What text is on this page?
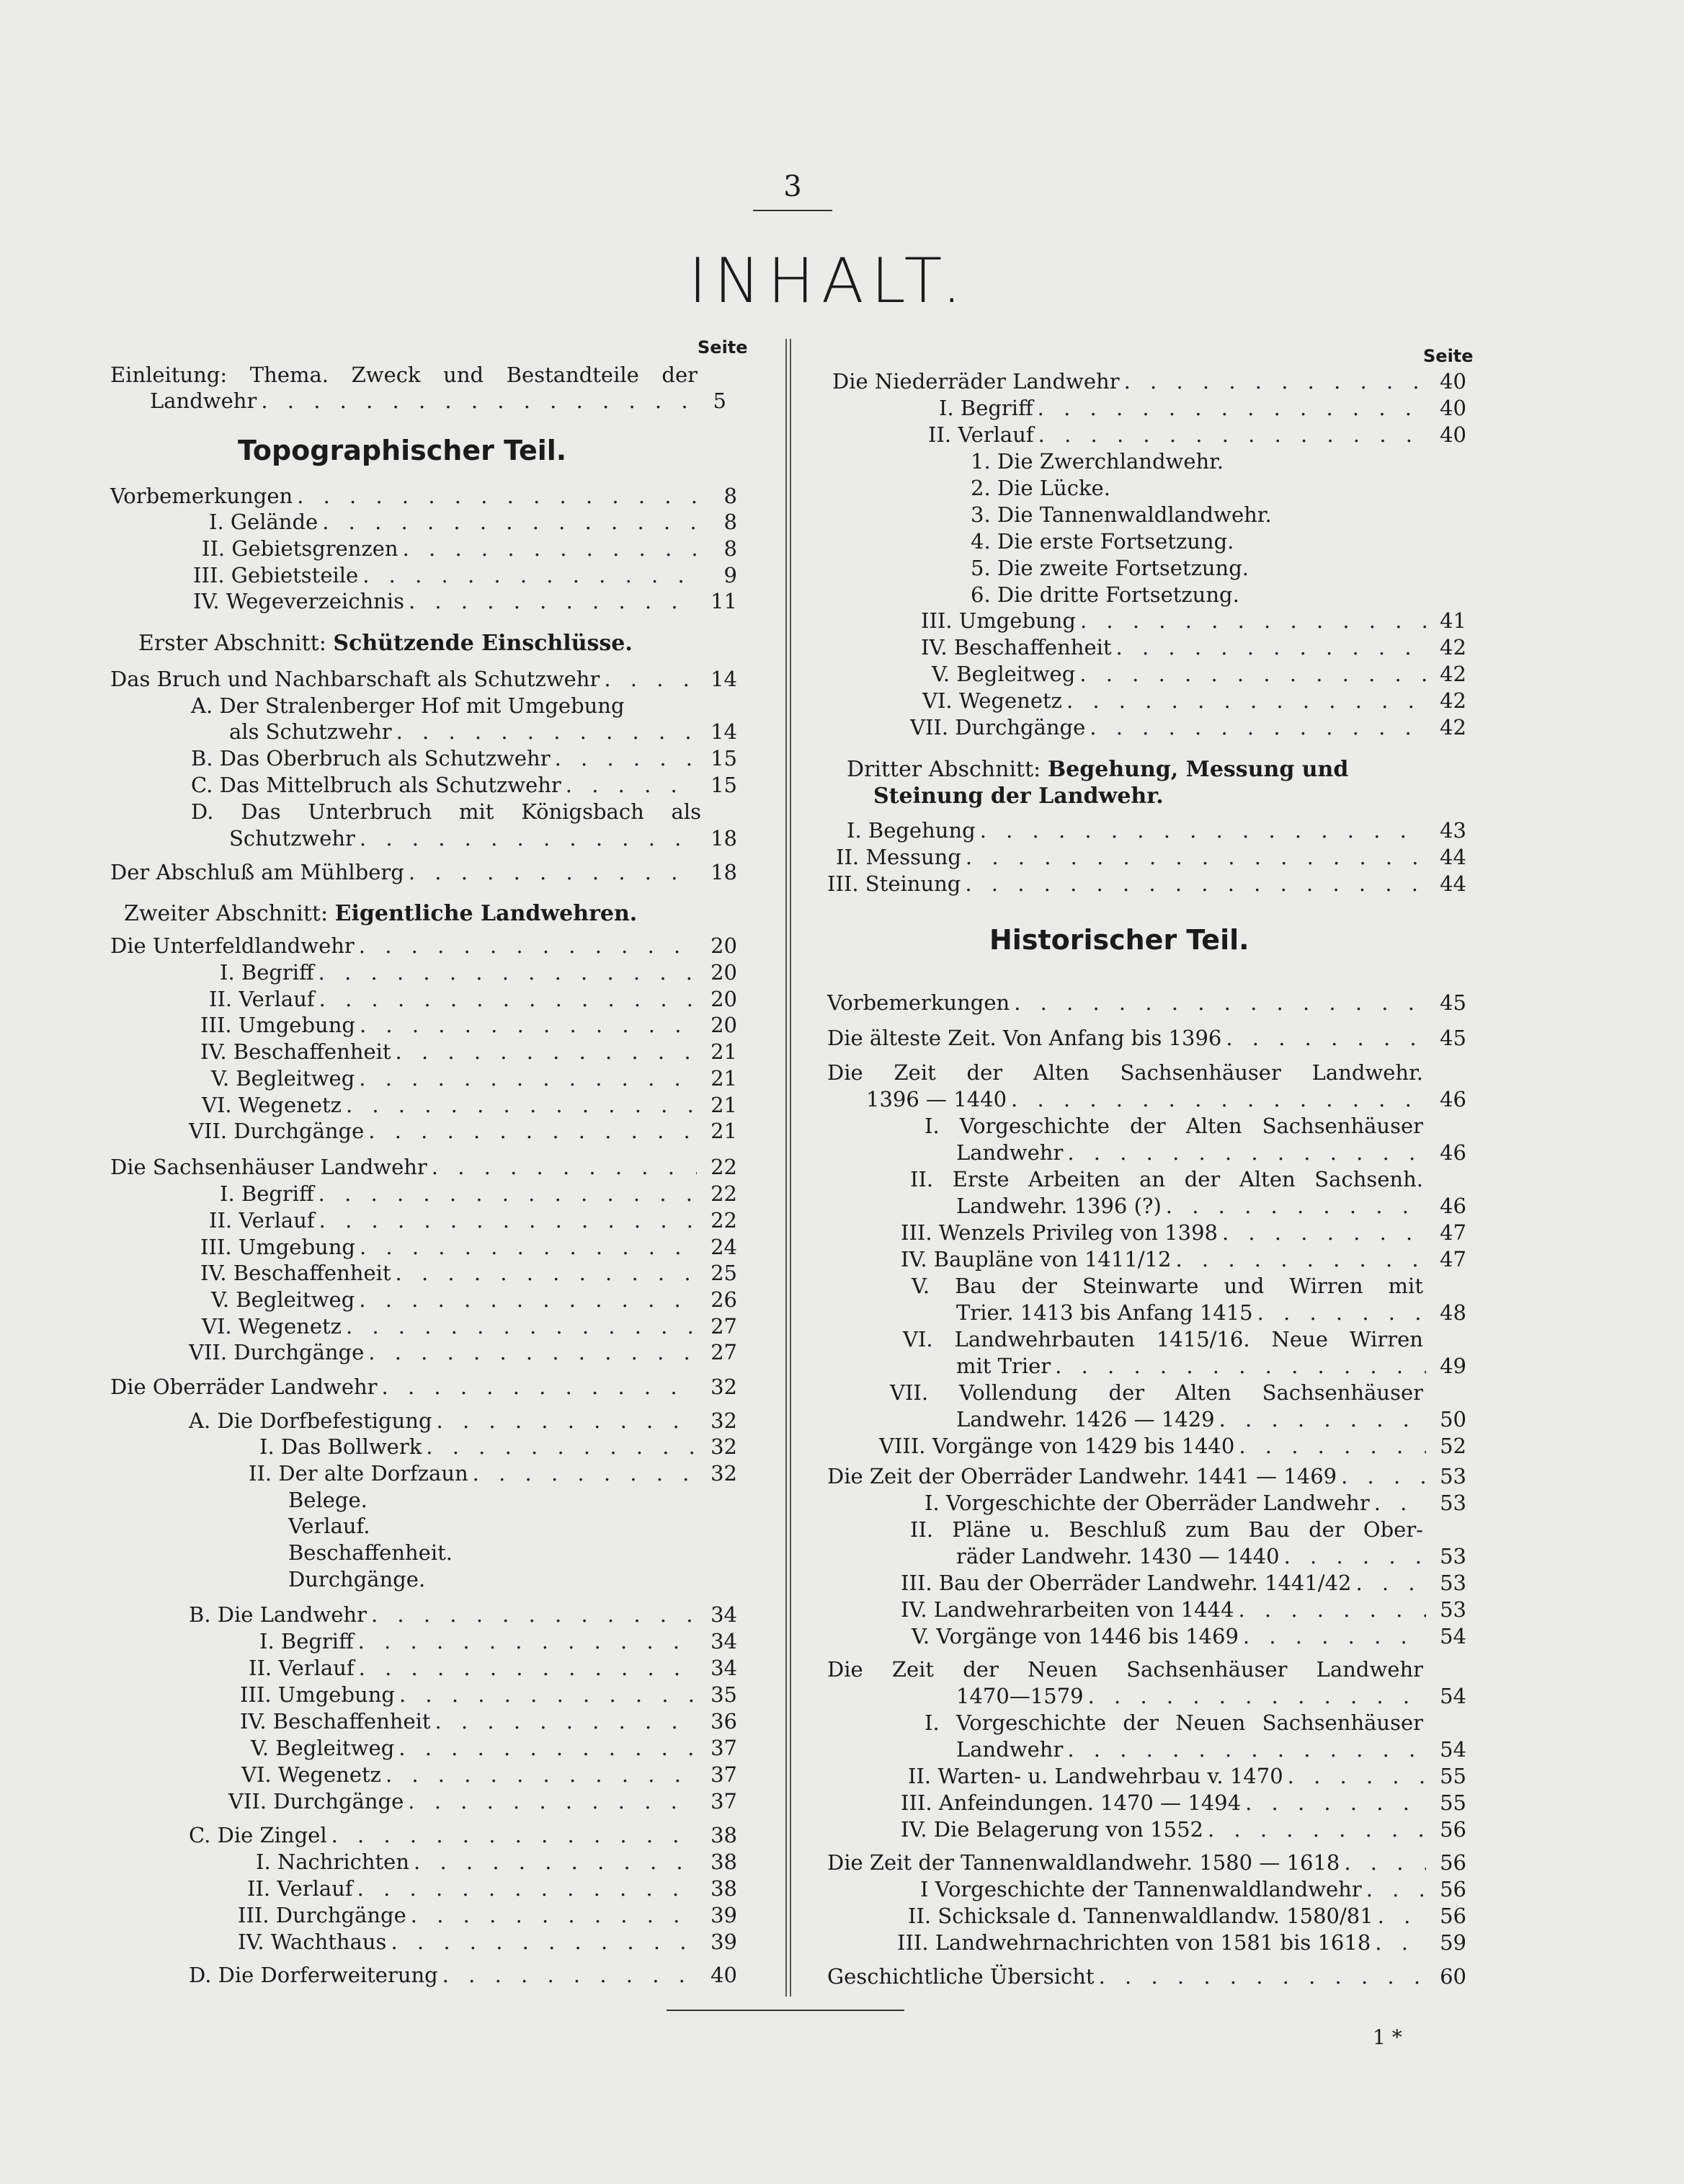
3
INHALT.
Seite
Einleitung: Thema. Zweck und Bestandteile der
Landwehr . . .	5
Topographischer Teil.
Vorbemerkungen . . .	8
I. Gelände . . .	8
II. Gebietsgrenzen . . .	8
III. Gebietsteile . . .	9
IV. Wegeverzeichnis . . .	11
Erster Abschnitt: Schützende Einschlüsse.
Das Bruch und Nachbarschaft als Schutzwehr . . .	14
A. Der Stralenberger Hof mit Umgebung
als Schutzwehr . . .	14
B. Das Oberbruch als Schutzwehr . . .	15
C. Das Mittelbruch als Schutzwehr . . .	15
D. Das Unterbruch mit Königsbach als
Schutzwehr . . .	18
Der Abschluß am Mühlberg . . .	18
Zweiter Abschnitt: Eigentliche Landwehren.
Die Unterfeldlandwehr . . .	20
I. Begriff . . .	20
II. Verlauf . . .	20
III. Umgebung . . .	20
IV. Beschaffenheit . . .	21
V. Begleitweg . . .	21
VI. Wegenetz . . .	21
VII. Durchgänge . . .	21
Die Sachsenhäuser Landwehr . . .	22
I. Begriff . . .	22
II. Verlauf . . .	22
III. Umgebung . . .	24
IV. Beschaffenheit . . .	25
V. Begleitweg . . .	26
VI. Wegenetz . . .	27
VII. Durchgänge . . .	27
Die Oberräder Landwehr . . .	32
A. Die Dorfbefestigung . . .	32
I. Das Bollwerk . . .	32
II. Der alte Dorfzaun . . .	32
Belege.
Verlauf.
Beschaffenheit.
Durchgänge.
B. Die Landwehr . . .	34
I. Begriff . . .	34
II. Verlauf . . .	34
III. Umgebung . . .	35
IV. Beschaffenheit . . .	36
V. Begleitweg . . .	37
VI. Wegenetz . . .	37
VII. Durchgänge . . .	37
C. Die Zingel . . .	38
I. Nachrichten . . .	38
II. Verlauf . . .	38
III. Durchgänge . . .	39
IV. Wachthaus . . .	39
D. Die Dorferweiterung . . .	40
Seite
Die Niederräder Landwehr . . .	40
I. Begriff . . .	40
II. Verlauf . . .	40
1. Die Zwerchlandwehr.
2. Die Lücke.
3. Die Tannenwaldlandwehr.
4. Die erste Fortsetzung.
5. Die zweite Fortsetzung.
6. Die dritte Fortsetzung.
III. Umgebung . . .	41
IV. Beschaffenheit . . .	42
V. Begleitweg . . .	42
VI. Wegenetz . . .	42
VII. Durchgänge . . .	42
Dritter Abschnitt: Begehung, Messung und
Steinung der Landwehr.
I. Begehung . . .	43
II. Messung . . .	44
III. Steinung . . .	44
Historischer Teil.
Vorbemerkungen . . .	45
Die älteste Zeit. Von Anfang bis 1396 . . .	45
Die Zeit der Alten Sachsenhäuser Landwehr.
1396 — 1440 . . .	46
I. Vorgeschichte der Alten Sachsenhäuser
Landwehr . . .	46
II. Erste Arbeiten an der Alten Sachsenh.
Landwehr. 1396 (?) . . .	46
III. Wenzels Privileg von 1398 . . .	47
IV. Baupläne von 1411/12 . . .	47
V. Bau der Steinwarte und Wirren mit
Trier. 1413 bis Anfang 1415 . . .	48
VI. Landwehrbauten 1415/16. Neue Wirren
mit Trier . . .	49
VII. Vollendung der Alten Sachsenhäuser
Landwehr. 1426 — 1429 . . .	50
VIII. Vorgänge von 1429 bis 1440 . . .	52
Die Zeit der Oberräder Landwehr. 1441 — 1469 . . .	53
I. Vorgeschichte der Oberräder Landwehr . . .	53
II. Pläne u. Beschluß zum Bau der Ober-
räder Landwehr. 1430 — 1440 . . .	53
III. Bau der Oberräder Landwehr. 1441/42 . . .	53
IV. Landwehrarbeiten von 1444 . . .	53
V. Vorgänge von 1446 bis 1469 . . .	54
Die Zeit der Neuen Sachsenhäuser Landwehr
1470—1579 . . .	54
I. Vorgeschichte der Neuen Sachsenhäuser
Landwehr . . .	54
II. Warten- u. Landwehrbau v. 1470 . . .	55
III. Anfeindungen. 1470 — 1494 . . .	55
IV. Die Belagerung von 1552 . . .	56
Die Zeit der Tannenwaldlandwehr. 1580 — 1618 . . .	56
I Vorgeschichte der Tannenwaldlandwehr . . .	56
II. Schicksale d. Tannenwaldlandw. 1580/81 . . .	56
III. Landwehrnachrichten von 1581 bis 1618 . . .	59
Geschichtliche Übersicht . . .	60
1 *
